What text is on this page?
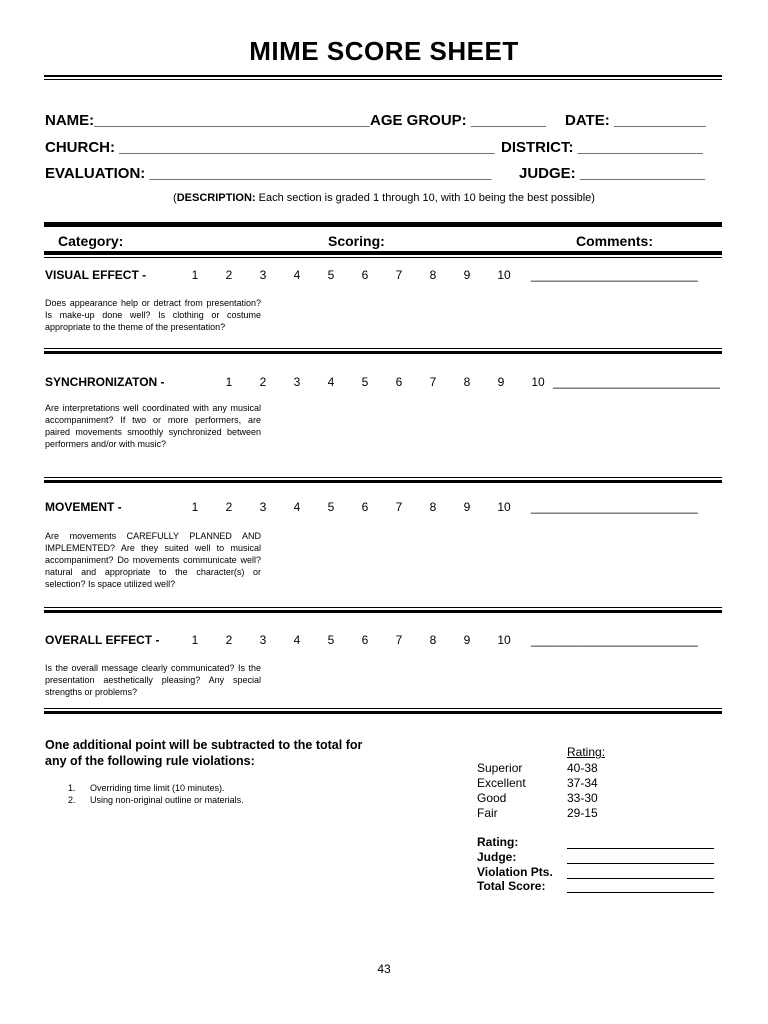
MIME SCORE SHEET
NAME:_________________________________ AGE GROUP: _________ DATE: ___________
CHURCH: _____________________________________________ DISTRICT: _______________
EVALUATION: _________________________________________ JUDGE: _______________
(DESCRIPTION: Each section is graded 1 through 10, with 10 being the best possible)
Category:	Scoring:	Comments:
VISUAL EFFECT -	1	2	3	4	5	6	7	8	9	10 _________________________
Does appearance help or detract from presentation? Is make-up done well? Is clothing or costume appropriate to the theme of the presentation?
SYNCHRONIZATON -	1	2	3	4	5	6	7	8	9	10 _________________________
Are interpretations well coordinated with any musical accompaniment? If two or more performers, are paired movements smoothly synchronized between performers and/or with music?
MOVEMENT -	1	2	3	4	5	6	7	8	9	10 _________________________
Are movements CAREFULLY PLANNED AND IMPLEMENTED? Are they suited well to musical accompaniment? Do movements communicate well? natural and appropriate to the character(s) or selection? Is space utilized well?
OVERALL EFFECT -	1	2	3	4	5	6	7	8	9	10 _________________________
Is the overall message clearly communicated? Is the presentation aesthetically pleasing? Any special strengths or problems?
One additional point will be subtracted to the total for any of the following rule violations:
1. Overriding time limit (10 minutes).
2. Using non-original outline or materials.
Rating:
Superior	40-38
Excellent	37-34
Good	33-30
Fair	29-15
Rating:
Judge:
Violation Pts.
Total Score:
43
